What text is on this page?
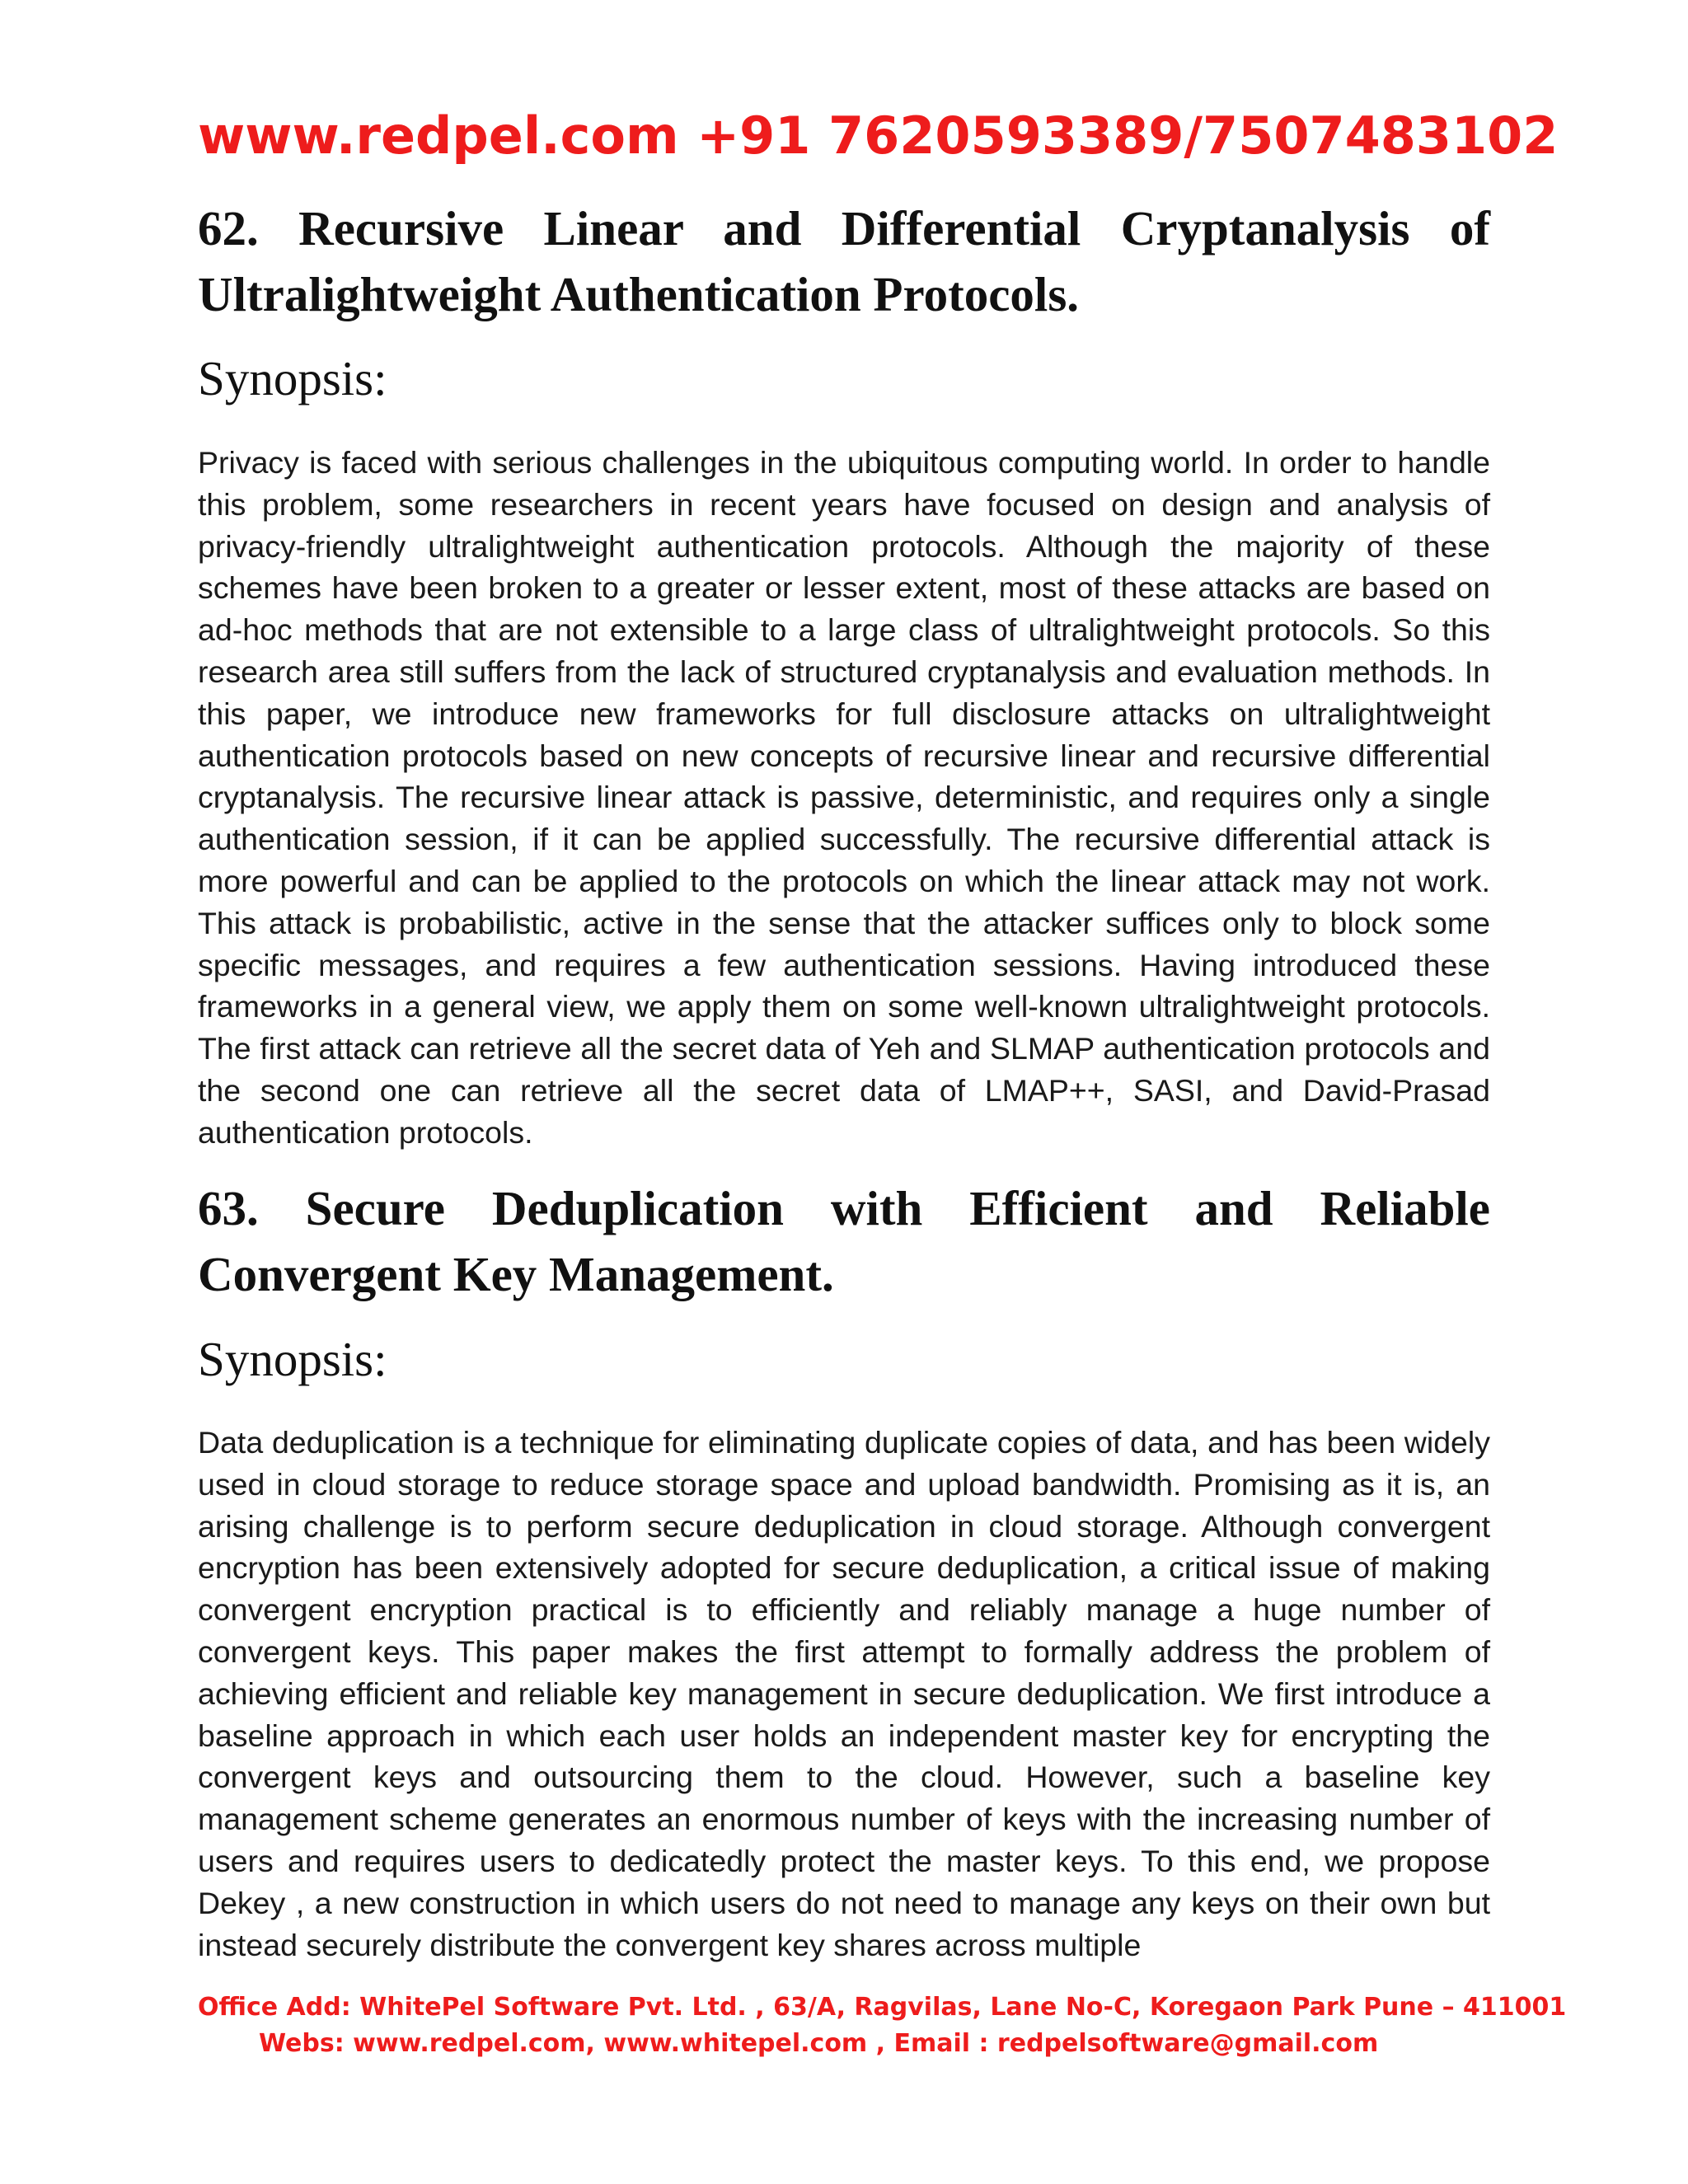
www.redpel.com +91 7620593389/7507483102
62. Recursive Linear and Differential Cryptanalysis of Ultralightweight Authentication Protocols.
Synopsis:
Privacy is faced with serious challenges in the ubiquitous computing world. In order to handle this problem, some researchers in recent years have focused on design and analysis of privacy-friendly ultralightweight authentication protocols. Although the majority of these schemes have been broken to a greater or lesser extent, most of these attacks are based on ad-hoc methods that are not extensible to a large class of ultralightweight protocols. So this research area still suffers from the lack of structured cryptanalysis and evaluation methods. In this paper, we introduce new frameworks for full disclosure attacks on ultralightweight authentication protocols based on new concepts of recursive linear and recursive differential cryptanalysis. The recursive linear attack is passive, deterministic, and requires only a single authentication session, if it can be applied successfully. The recursive differential attack is more powerful and can be applied to the protocols on which the linear attack may not work. This attack is probabilistic, active in the sense that the attacker suffices only to block some specific messages, and requires a few authentication sessions. Having introduced these frameworks in a general view, we apply them on some well-known ultralightweight protocols. The first attack can retrieve all the secret data of Yeh and SLMAP authentication protocols and the second one can retrieve all the secret data of LMAP++, SASI, and David-Prasad authentication protocols.
63. Secure Deduplication with Efficient and Reliable Convergent Key Management.
Synopsis:
Data deduplication is a technique for eliminating duplicate copies of data, and has been widely used in cloud storage to reduce storage space and upload bandwidth. Promising as it is, an arising challenge is to perform secure deduplication in cloud storage. Although convergent encryption has been extensively adopted for secure deduplication, a critical issue of making convergent encryption practical is to efficiently and reliably manage a huge number of convergent keys. This paper makes the first attempt to formally address the problem of achieving efficient and reliable key management in secure deduplication. We first introduce a baseline approach in which each user holds an independent master key for encrypting the convergent keys and outsourcing them to the cloud. However, such a baseline key management scheme generates an enormous number of keys with the increasing number of users and requires users to dedicatedly protect the master keys. To this end, we propose Dekey , a new construction in which users do not need to manage any keys on their own but instead securely distribute the convergent key shares across multiple
Office Add: WhitePel Software Pvt. Ltd. , 63/A, Ragvilas, Lane No-C, Koregaon Park Pune – 411001
Webs: www.redpel.com, www.whitepel.com , Email : redpelsoftware@gmail.com
